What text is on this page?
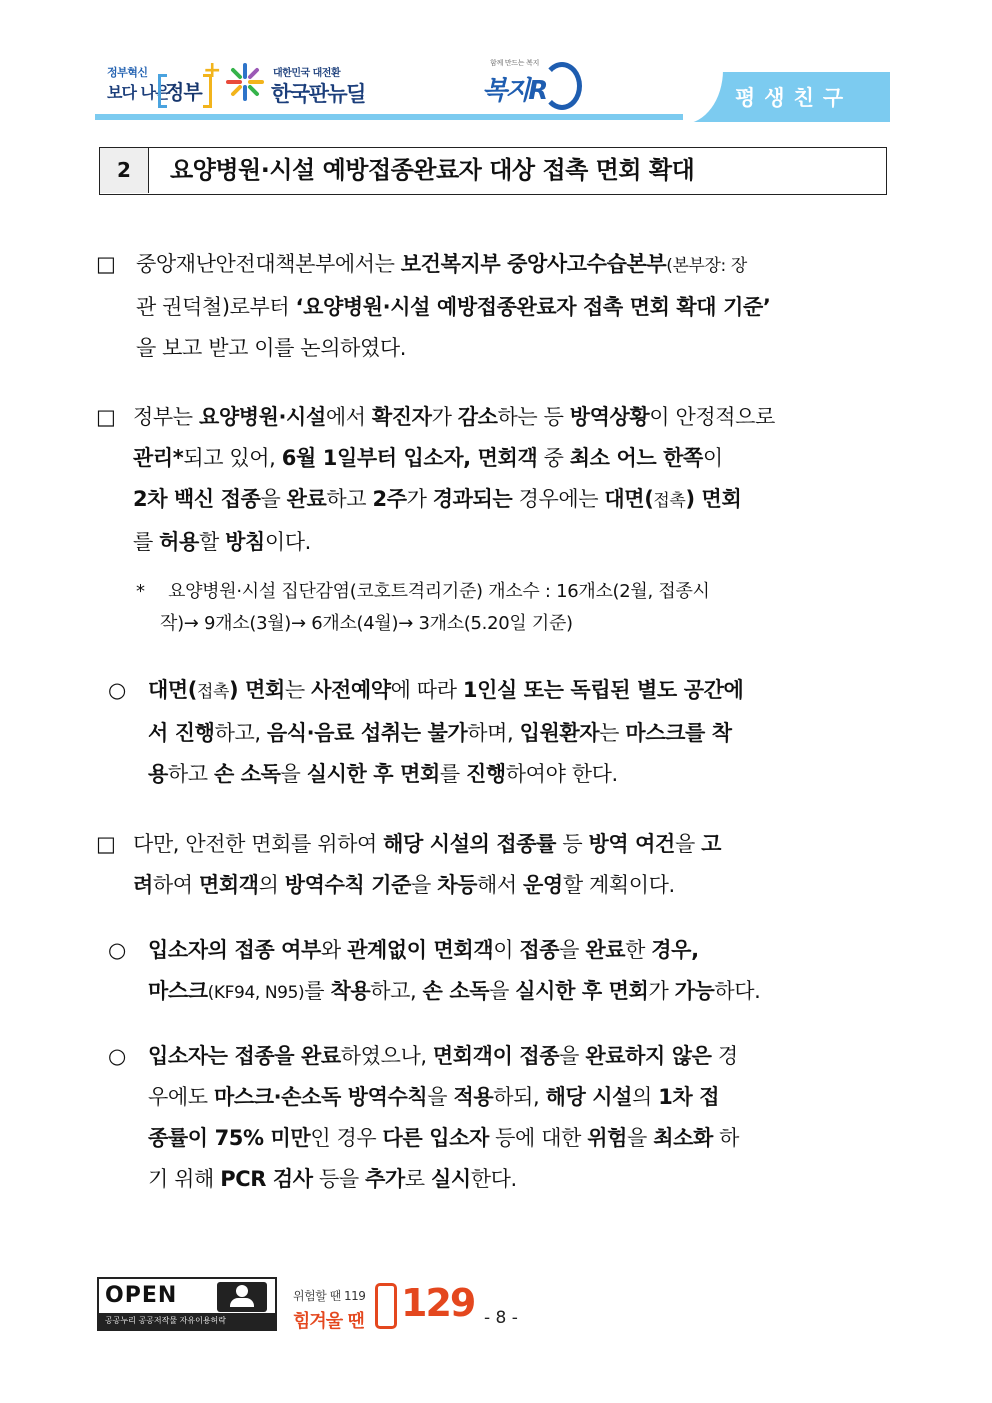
정부혁신
보다 나은
정부
+	대한민국 대전환
한국판뉴딜
함께 만드는 복지
복지R	평생친구
2	요양병원·시설 예방접종완료자 대상 접촉 면회 확대
□ 중앙재난안전대책본부에서는 보건복지부 중앙사고수습본부(본부장: 장
관 권덕철)로부터 ‘요양병원·시설 예방접종완료자 접촉 면회 확대 기준’
을 보고 받고 이를 논의하였다.
□ 정부는 요양병원·시설에서 확진자가 감소하는 등 방역상황이 안정적으로
관리*되고 있어, 6월 1일부터 입소자, 면회객 중 최소 어느 한쪽이
2차 백신 접종을 완료하고 2주가 경과되는 경우에는 대면(접촉) 면회
를 허용할 방침이다.
* 요양병원·시설 집단감염(코호트격리기준) 개소수 : 16개소(2월, 접종시
작)→ 9개소(3월)→ 6개소(4월)→ 3개소(5.20일 기준)
○ 대면(접촉) 면회는 사전예약에 따라 1인실 또는 독립된 별도 공간에
서 진행하고, 음식·음료 섭취는 불가하며, 입원환자는 마스크를 착
용하고 손 소독을 실시한 후 면회를 진행하여야 한다.
□ 다만, 안전한 면회를 위하여 해당 시설의 접종률 등 방역 여건을 고
려하여 면회객의 방역수칙 기준을 차등해서 운영할 계획이다.
○ 입소자의 접종 여부와 관계없이 면회객이 접종을 완료한 경우,
마스크(KF94, N95)를 착용하고, 손 소독을 실시한 후 면회가 가능하다.
○ 입소자는 접종을 완료하였으나, 면회객이 접종을 완료하지 않은 경
우에도 마스크·손소독 방역수칙을 적용하되, 해당 시설의 1차 접
종률이 75% 미만인 경우 다른 입소자 등에 대한 위험을 최소화 하
기 위해 PCR 검사 등을 추가로 실시한다.
OPEN
공공누리 공공저작물 자유이용허락
위험할 땐 119
힘겨울 땐 129 - 8 -
